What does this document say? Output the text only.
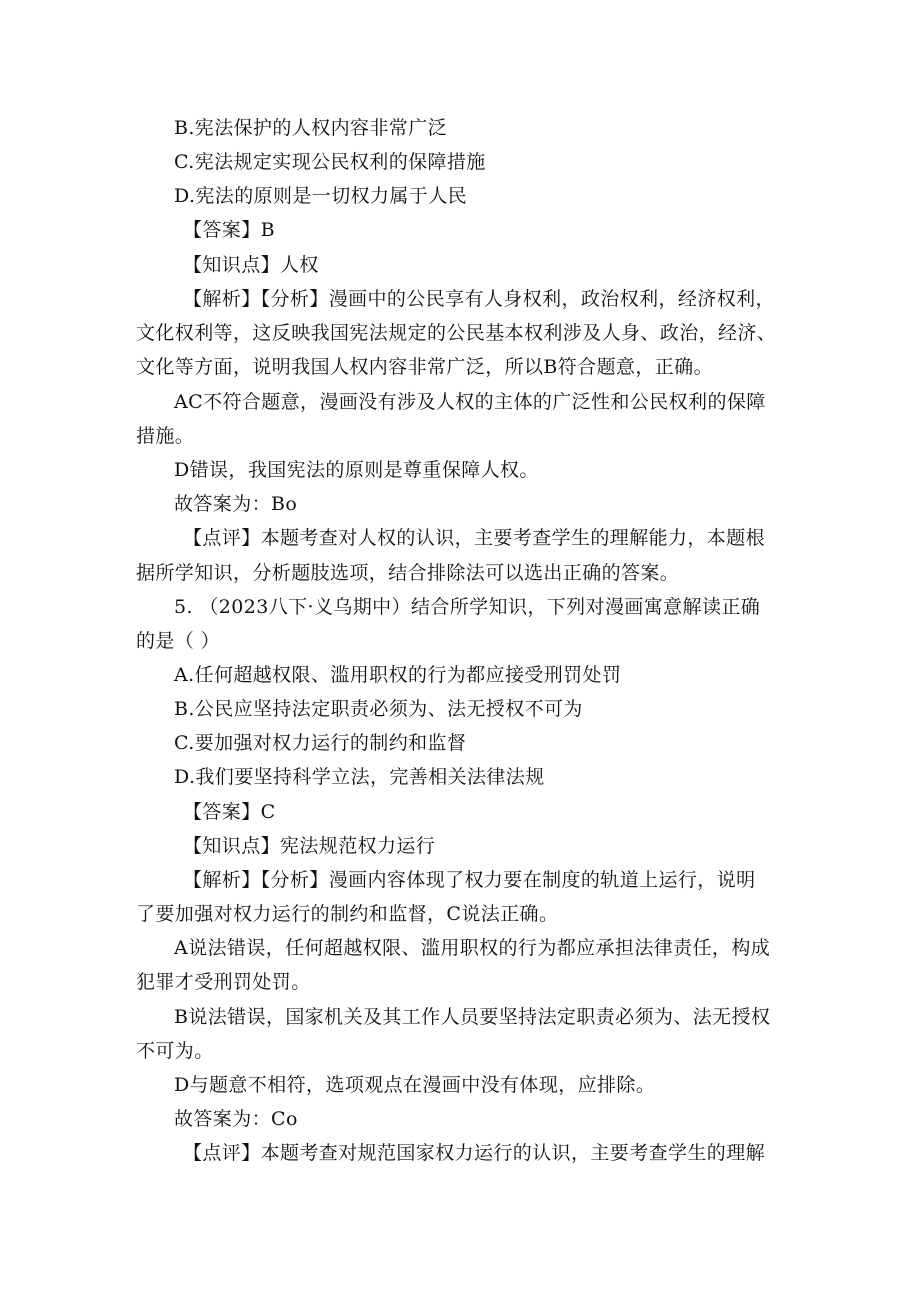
B.宪法保护的人权内容非常广泛
C.宪法规定实现公民权利的保障措施
D.宪法的原则是一切权力属于人民
【答案】B
【知识点】人权
【解析】【分析】漫画中的公民享有人身权利，政治权利，经济权利，
文化权利等，这反映我国宪法规定的公民基本权利涉及人身、政治，经济、
文化等方面，说明我国人权内容非常广泛，所以B符合题意，正确。
AC不符合题意，漫画没有涉及人权的主体的广泛性和公民权利的保障
措施。
D错误，我国宪法的原则是尊重保障人权。
故答案为：Bo
【点评】本题考查对人权的认识，主要考查学生的理解能力，本题根
据所学知识，分析题肢选项，结合排除法可以选出正确的答案。
5. （2023八下·义乌期中）结合所学知识，下列对漫画寓意解读正确
的是（ ）
A.任何超越权限、滥用职权的行为都应接受刑罚处罚
B.公民应坚持法定职责必须为、法无授权不可为
C.要加强对权力运行的制约和监督
D.我们要坚持科学立法，完善相关法律法规
【答案】C
【知识点】宪法规范权力运行
【解析】【分析】漫画内容体现了权力要在制度的轨道上运行，说明
了要加强对权力运行的制约和监督，C说法正确。
A说法错误，任何超越权限、滥用职权的行为都应承担法律责任，构成
犯罪才受刑罚处罚。
B说法错误，国家机关及其工作人员要坚持法定职责必须为、法无授权
不可为。
D与题意不相符，选项观点在漫画中没有体现，应排除。
故答案为：Co
【点评】本题考查对规范国家权力运行的认识，主要考查学生的理解
